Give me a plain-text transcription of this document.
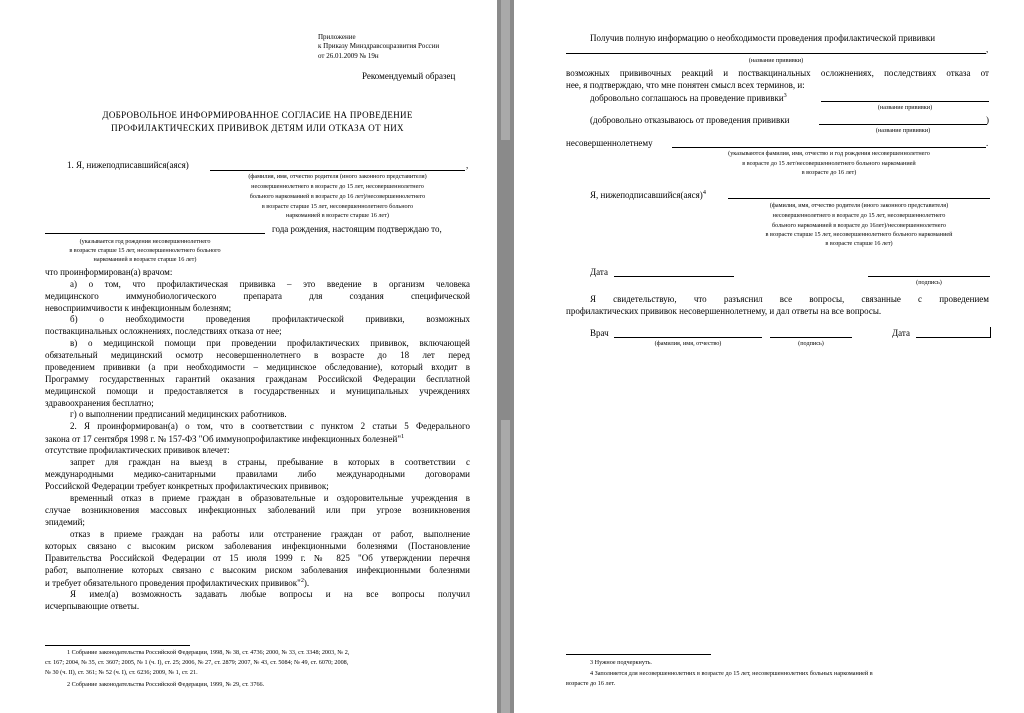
Приложение
к Приказу Минздравсоцразвития России
от 26.01.2009 № 19н
Рекомендуемый образец
ДОБРОВОЛЬНОЕ ИНФОРМИРОВАННОЕ СОГЛАСИЕ НА ПРОВЕДЕНИЕ
ПРОФИЛАКТИЧЕСКИХ ПРИВИВОК ДЕТЯМ ИЛИ ОТКАЗА ОТ НИХ
1. Я, нижеподписавшийся(аяся)	,
(фамилия, имя, отчество родителя (иного законного представителя)
несовершеннолетнего в возрасте до 15 лет, несовершеннолетнего
больного наркоманией в возрасте до 16 лет)/несовершеннолетнего
в возрасте старше 15 лет, несовершеннолетнего больного
наркоманией в возрасте старше 16 лет)
года рождения, настоящим подтверждаю то,
(указывается год рождения несовершеннолетнего
в возрасте старше 15 лет, несовершеннолетнего больного
наркоманией в возрасте старше 16 лет)
что проинформирован(а) врачом:
а) о том, что профилактическая прививка – это введение в организм человека
медицинского иммунобиологического препарата для создания специфической
невосприимчивости к инфекционным болезням;
б) о необходимости проведения профилактической прививки, возможных
поствакцинальных осложнениях, последствиях отказа от нее;
в) о медицинской помощи при проведении профилактических прививок, включающей
обязательный медицинский осмотр несовершеннолетнего в возрасте до 18 лет перед
проведением прививки (а при необходимости – медицинское обследование), который входит в
Программу государственных гарантий оказания гражданам Российской Федерации бесплатной
медицинской помощи и предоставляется в государственных и муниципальных учреждениях
здравоохранения бесплатно;
г) о выполнении предписаний медицинских работников.
2. Я проинформирован(а) о том, что в соответствии с пунктом 2 статьи 5 Федерального
закона от 17 сентября 1998 г. № 157-ФЗ "Об иммунопрофилактике инфекционных болезней"$^1$
отсутствие профилактических прививок влечет:
запрет для граждан на выезд в страны, пребывание в которых в соответствии с
международными медико-санитарными правилами либо международными договорами
Российской Федерации требует конкретных профилактических прививок;
временный отказ в приеме граждан в образовательные и оздоровительные учреждения в
случае возникновения массовых инфекционных заболеваний или при угрозе возникновения
эпидемий;
отказ в приеме граждан на работы или отстранение граждан от работ, выполнение
которых связано с высоким риском заболевания инфекционными болезнями (Постановление
Правительства Российской Федерации от 15 июля 1999 г. № 825 "Об утверждении перечня
работ, выполнение которых связано с высоким риском заболевания инфекционными болезнями
и требует обязательного проведения профилактических прививок"$^2$).
Я имел(а) возможность задавать любые вопросы и на все вопросы получил
исчерпывающие ответы.
1 Собрание законодательства Российской Федерации, 1998, № 38, ст. 4736; 2000, № 33, ст. 3348; 2003, № 2,
ст. 167; 2004, № 35, ст. 3607; 2005, № 1 (ч. I), ст. 25; 2006, № 27, ст. 2879; 2007, № 43, ст. 5084; № 49, ст. 6070; 2008,
№ 30 (ч. II), ст. 361; № 52 (ч. I), ст. 6236; 2009, № 1, ст. 21.
2 Собрание законодательства Российской Федерации, 1999, № 29, ст. 3766.
Получив полную информацию о необходимости проведения профилактической прививки
,
(название прививки)
возможных прививочных реакций и поствакцинальных осложнениях, последствиях отказа от
нее, я подтверждаю, что мне понятен смысл всех терминов, и:
добровольно соглашаюсь на проведение прививки$^3$
(название прививки)
(добровольно отказываюсь от проведения прививки	)
(название прививки)
несовершеннолетнему	.
(указываются фамилия, имя, отчество и год рождения несовершеннолетнего
в возрасте до 15 лет/несовершеннолетнего больного наркоманией
в возрасте до 16 лет)
Я, нижеподписавшийся(аяся)$^4$
(фамилия, имя, отчество родителя (иного законного представителя)
несовершеннолетнего в возрасте до 15 лет, несовершеннолетнего
больного наркоманией в возрасте до 16лет)/несовершеннолетнего
в возрасте старше 15 лет, несовершеннолетнего больного наркоманией
в возрасте старше 16 лет)
Дата
(подпись)
Я свидетельствую, что разъяснил все вопросы, связанные с проведением
профилактических прививок несовершеннолетнему, и дал ответы на все вопросы.
Врач	Дата
(фамилия, имя, отчество)	(подпись)
3 Нужное подчеркнуть.
4 Заполняется для несовершеннолетних в возрасте до 15 лет, несовершеннолетних больных наркоманией в
возрасте до 16 лет.
